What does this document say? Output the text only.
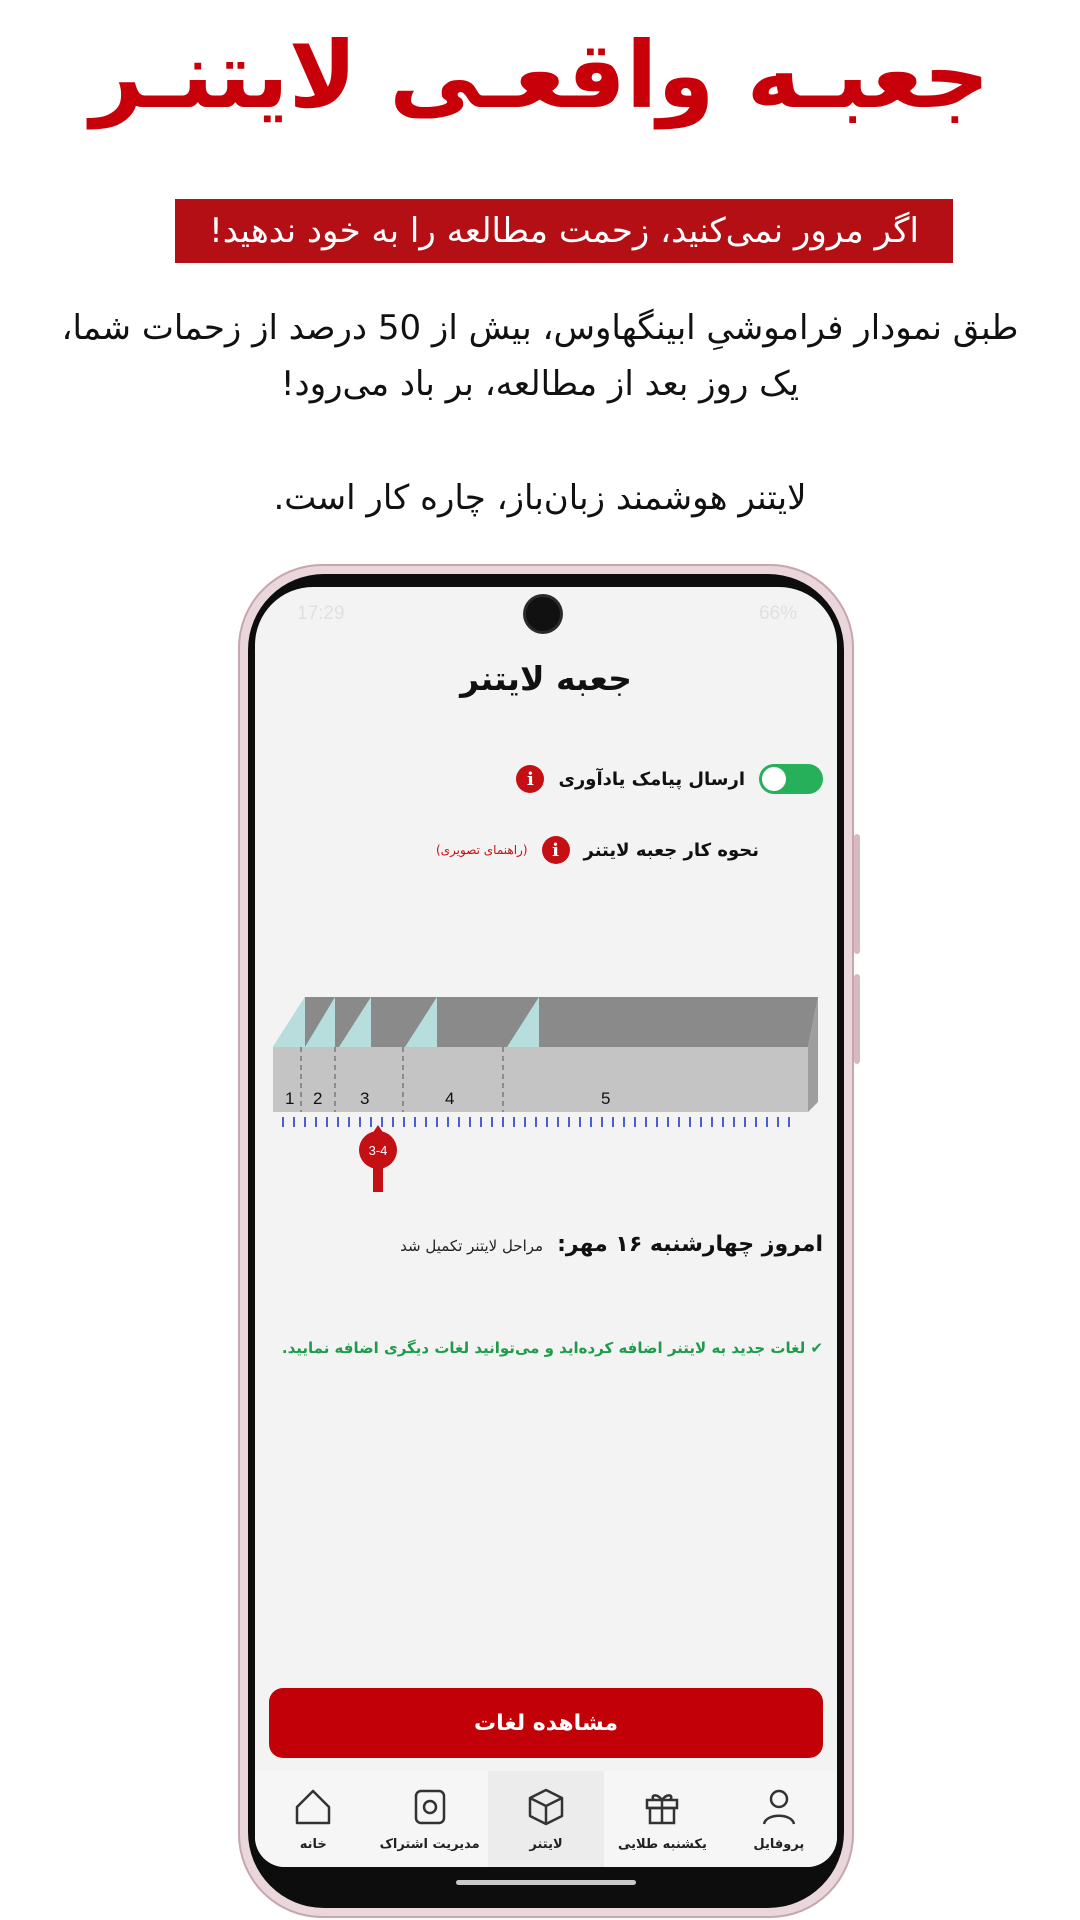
جعبـه واقعـی لایتنـر
اگر مرور نمی‌کنید، زحمت مطالعه را به خود ندهید!
طبق نمودار فراموشیِ ابینگهاوس، بیش از 50 درصد از زحمات شما،
یک روز بعد از مطالعه، بر باد می‌رود!
لایتنر هوشمند زبان‌باز، چاره کار است.
17:29	66%
جعبه لایتنر
ارسال پیامک یادآوری
i
نحوه کار جعبه لایتنر
i
(راهنمای تصویری)
1 2 3	4	5
3-4
امروز چهارشنبه ۱۶ مهر:
مراحل لایتنر تکمیل شد
✔ لغات جدید به لایتنر اضافه کرده‌اید و می‌توانید لغات دیگری اضافه نمایید.
مشاهده لغات
خانه	مدیریت اشتراک	لایتنر	یکشنبه طلایی	پروفایل
